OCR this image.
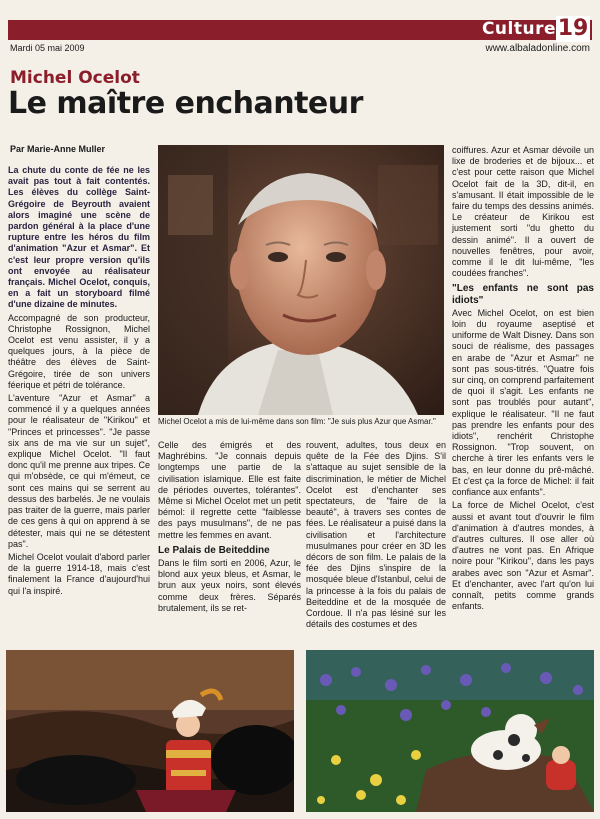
Culture 19
Mardi 05 mai 2009	www.albaladonline.com
Michel Ocelot
Le maître enchanteur
Par Marie-Anne Muller

La chute du conte de fée ne les avait pas tout à fait contentés. Les élèves du collège Saint-Grégoire de Beyrouth avaient alors imaginé une scène de pardon général à la place d'une rupture entre les héros du film d'animation "Azur et Asmar". Et c'est leur propre version qu'ils ont envoyée au réalisateur français. Michel Ocelot, conquis, en a fait un storyboard filmé d'une dizaine de minutes.

Accompagné de son producteur, Christophe Rossignon, Michel Ocelot est venu assister, il y a quelques jours, à la pièce de théâtre des élèves de Saint-Grégoire, tirée de son univers féerique et pétri de tolérance.

L'aventure "Azur et Asmar" a commencé il y a quelques années pour le réalisateur de "Kirikou" et "Princes et princesses". "Je passe six ans de ma vie sur un sujet", explique Michel Ocelot. "Il faut donc qu'il me prenne aux tripes. Ce qui m'obsède, ce qui m'émeut, ce sont ces mains qui se serrent au dessus des barbelés. Je ne voulais pas traiter de la guerre, mais parler de ces gens à qui on apprend à se détester, mais qui ne se détestent pas".

Michel Ocelot voulait d'abord parler de la guerre 1914-18, mais c'est finalement la France d'aujourd'hui qui l'a inspiré.

Michel Ocelot a mis de lui-même dans son film: "Je suis plus Azur que Asmar."

Celle des émigrés et des Maghrébins. "Je connais depuis longtemps une partie de la civilisation islamique. Elle est faite de périodes ouvertes, tolérantes". Même si Michel Ocelot met un petit bémol: il regrette cette "faiblesse des pays musulmans", de ne pas mettre les femmes en avant.

Le Palais de Beiteddine

Dans le film sorti en 2006, Azur, le blond aux yeux bleus, et Asmar, le brun aux yeux noirs, sont élevés comme deux frères. Séparés brutalement, ils se ret-

rouvent, adultes, tous deux en quête de la Fée des Djins. S'il s'attaque au sujet sensible de la discrimination, le métier de Michel Ocelot est d'enchanter ses spectateurs, de "faire de la beauté", à travers ses contes de fées. Le réalisateur a puisé dans la civilisation et l'architecture musulmanes pour créer en 3D les décors de son film. Le palais de la fée des Djins s'inspire de la mosquée bleue d'Istanbul, celui de la princesse à la fois du palais de Beiteddine et de la mosquée de Cordoue. Il n'a pas lésiné sur les détails des costumes et des

coiffures. Azur et Asmar dévoile un lixe de broderies et de bijoux... et c'est pour cette raison que Michel Ocelot fait de la 3D, dit-il, en s'amusant. Il était impossible de le faire du temps des dessins animés. Le créateur de Kirikou est justement sorti "du ghetto du dessin animé". Il a ouvert de nouvelles fenêtres, pour avoir, comme il le dit lui-même, "les coudées franches".

"Les enfants ne sont pas idiots"

Avec Michel Ocelot, on est bien loin du royaume aseptisé et uniforme de Walt Disney. Dans son souci de réalisme, des passages en arabe de "Azur et Asmar" ne sont pas sous-titrés. "Quatre fois sur cinq, on comprend parfaitement de quoi il s'agit. Les enfants ne sont pas troublés pour autant", explique le réalisateur. "Il ne faut pas prendre les enfants pour des idiots", renchérit Christophe Rossignon. "Trop souvent, on cherche à tirer les enfants vers le bas, en leur donne du prê-mâché. Et c'est ça la force de Michel: il fait confiance aux enfants".

La force de Michel Ocelot, c'est aussi et avant tout d'ouvrir le film d'animation à d'autres mondes, à d'autres cultures. Il ose aller où d'autres ne vont pas. En Afrique noire pour "Kirikou", dans les pays arabes avec son "Azur et Asmar". Et d'enchanter, avec l'art qu'on lui connaît, petits comme grands enfants.
